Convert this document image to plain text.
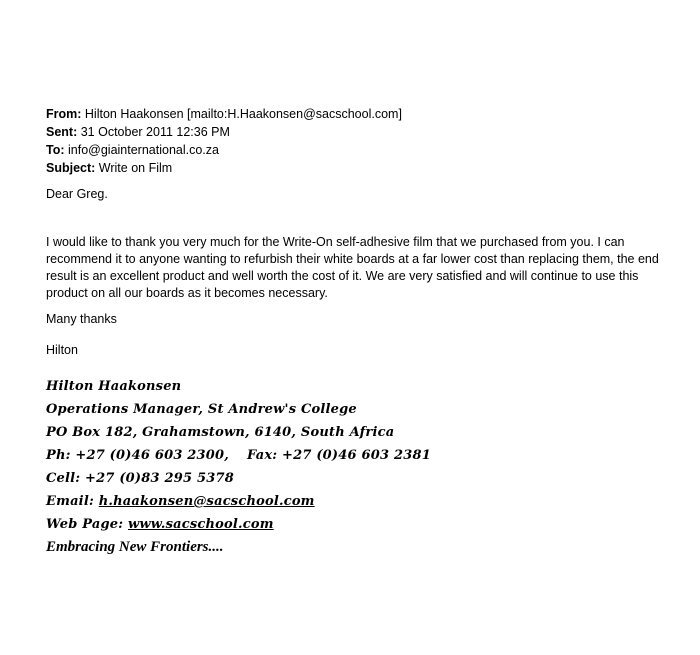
From: Hilton Haakonsen [mailto:H.Haakonsen@sacschool.com]
Sent: 31 October 2011 12:36 PM
To: info@giainternational.co.za
Subject: Write on Film
Dear Greg.
I would like to thank you very much for the Write-On self-adhesive film that we purchased from you. I can recommend it to anyone wanting to refurbish their white boards at a far lower cost than replacing them, the end result is an excellent product and well worth the cost of it. We are very satisfied and will continue to use this product on all our boards as it becomes necessary.
Many thanks
Hilton
Hilton Haakonsen
Operations Manager, St Andrew's College
PO Box 182, Grahamstown, 6140, South Africa
Ph: +27 (0)46 603 2300, Fax: +27 (0)46 603 2381
Cell: +27 (0)83 295 5378
Email: h.haakonsen@sacschool.com
Web Page: www.sacschool.com
Embracing New Frontiers....
